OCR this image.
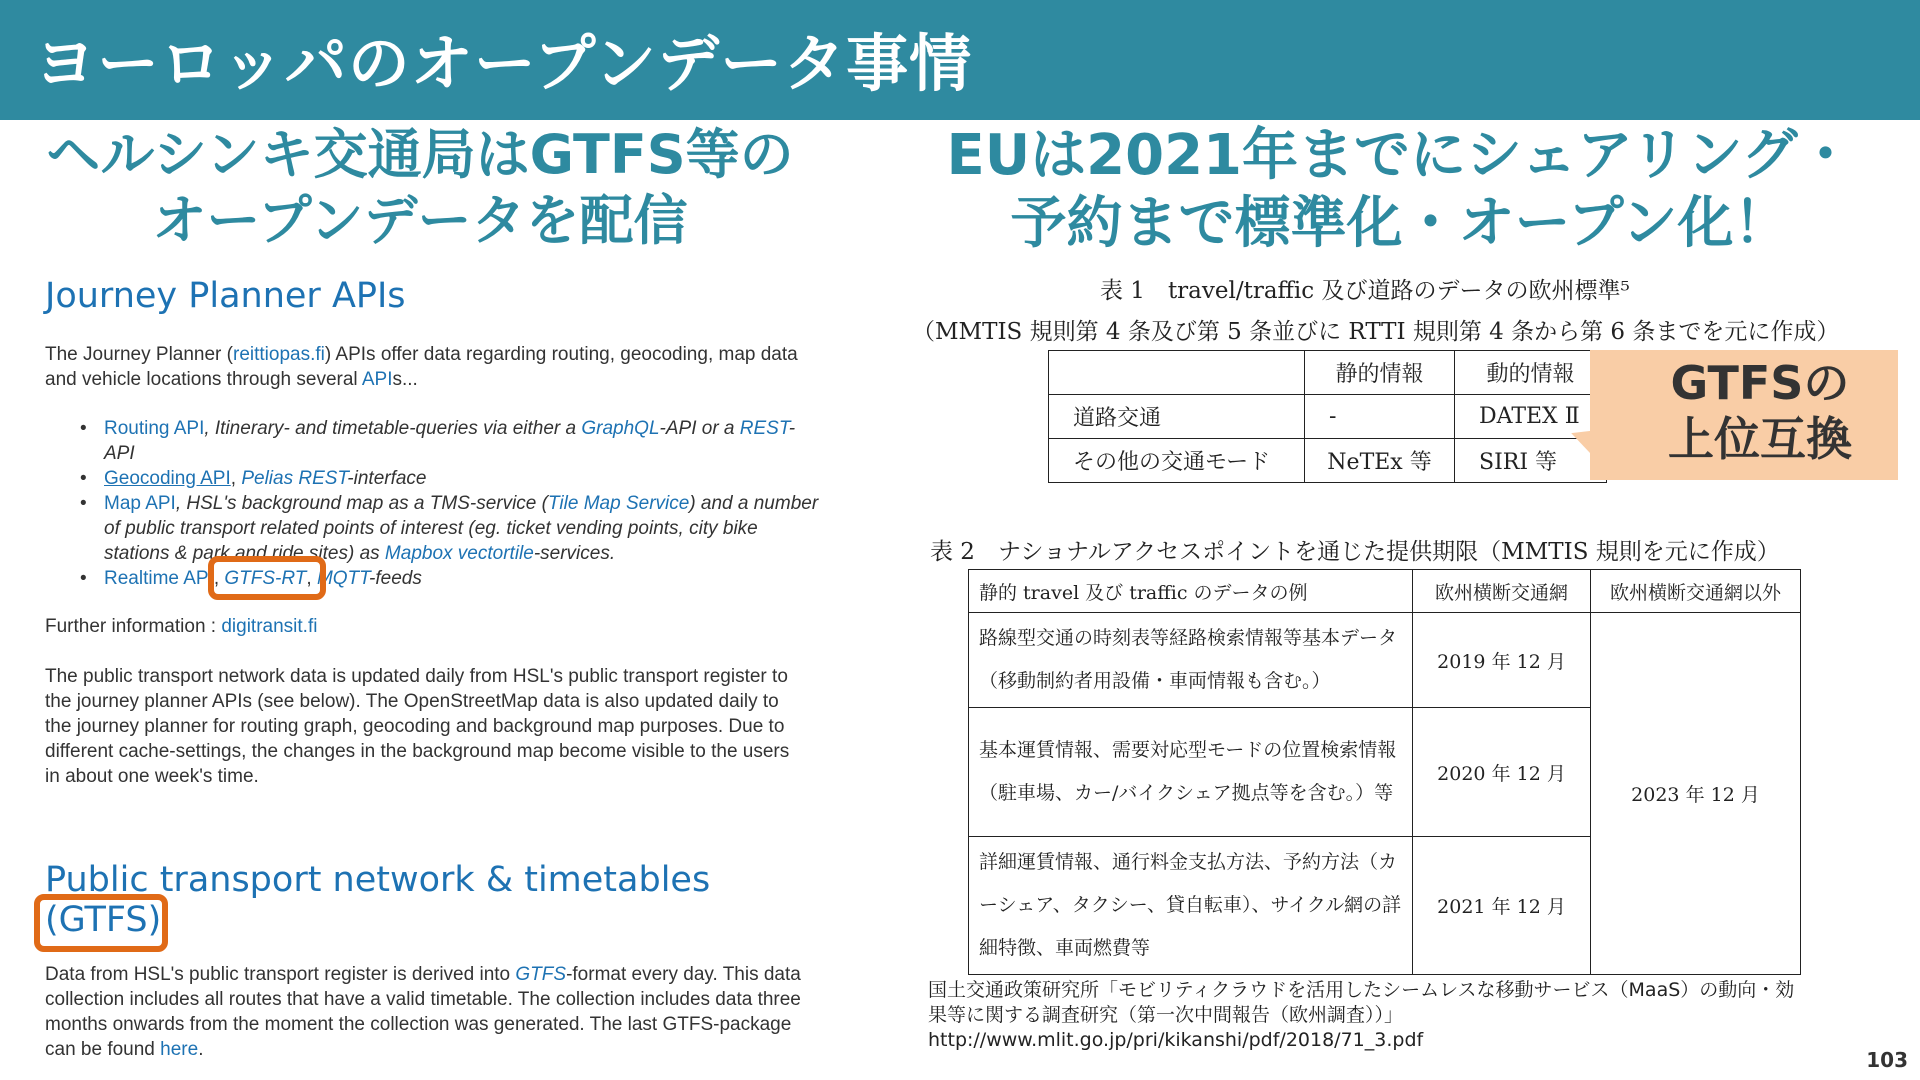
ヨーロッパのオープンデータ事情
ヘルシンキ交通局はGTFS等の
オープンデータを配信
EUは2021年までにシェアリング・
予約まで標準化・オープン化！
Journey Planner APIs
The Journey Planner (reittiopas.fi) APIs offer data regarding routing, geocoding, map data and vehicle locations through several APIs...
• Routing API, Itinerary- and timetable-queries via either a GraphQL-API or a REST-API
• Geocoding API, Pelias REST-interface
• Map API, HSL's background map as a TMS-service (Tile Map Service) and a number of public transport related points of interest (eg. ticket vending points, city bike stations & park and ride sites) as Mapbox vectortile-services.
• Realtime API, GTFS-RT, MQTT-feeds
Further information : digitransit.fi
The public transport network data is updated daily from HSL's public transport register to the journey planner APIs (see below). The OpenStreetMap data is also updated daily to the journey planner for routing graph, geocoding and background map purposes. Due to different cache-settings, the changes in the background map become visible to the users in about one week's time.
Public transport network & timetables
(GTFS)
Data from HSL's public transport register is derived into GTFS-format every day. This data collection includes all routes that have a valid timetable. The collection includes data three months onwards from the moment the collection was generated. The last GTFS-package can be found here.
表 1　travel/traffic 及び道路のデータの欧州標準⁵
（MMTIS 規則第 4 条及び第 5 条並びに RTTI 規則第 4 条から第 6 条までを元に作成）
	静的情報	動的情報
道路交通	-	DATEX Ⅱ
その他の交通モード	NeTEx 等	SIRI 等
GTFSの
上位互換
表 2　ナショナルアクセスポイントを通じた提供期限（MMTIS 規則を元に作成）
静的 travel 及び traffic のデータの例	欧州横断交通網	欧州横断交通網以外
路線型交通の時刻表等経路検索情報等基本データ（移動制約者用設備・車両情報も含む。）	2019 年 12 月	2023 年 12 月
基本運賃情報、需要対応型モードの位置検索情報（駐車場、カー/バイクシェア拠点等を含む。）等	2020 年 12 月	
詳細運賃情報、通行料金支払方法、予約方法（カーシェア、タクシー、貸自転車）、サイクル網の詳細特徴、車両燃費等	2021 年 12 月	
国土交通政策研究所「モビリティクラウドを活用したシームレスな移動サービス（MaaS）の動向・効
果等に関する調査研究（第一次中間報告（欧州調査））」
http://www.mlit.go.jp/pri/kikanshi/pdf/2018/71_3.pdf
103
